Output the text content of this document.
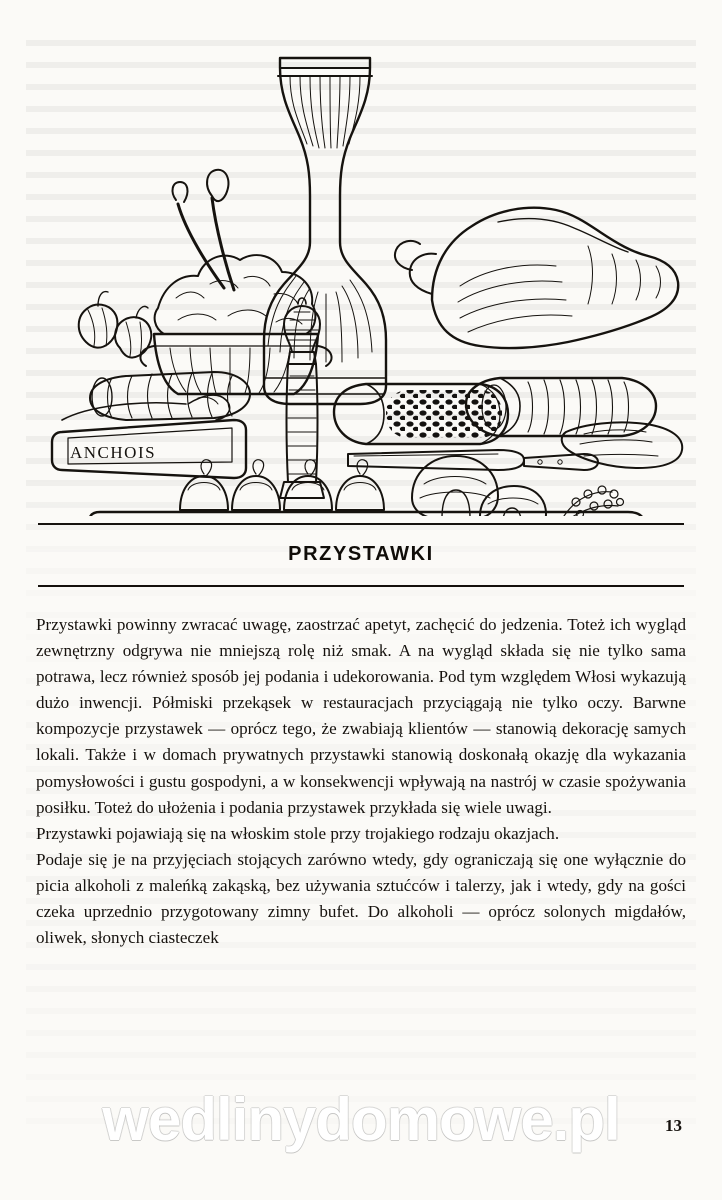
ANCHOIS
PRZYSTAWKI

Przystawki powinny zwracać uwagę, zaostrzać apetyt, zachęcić do jedzenia. Toteż ich wygląd zewnętrzny odgrywa nie mniejszą rolę niż smak. A na wygląd składa się nie tylko sama potrawa, lecz również sposób jej podania i udekorowania. Pod tym względem Włosi wykazują dużo inwencji. Półmiski przekąsek w restauracjach przyciągają nie tylko oczy. Barwne kompozycje przystawek — oprócz tego, że zwabiają klientów — stanowią dekorację samych lokali. Także i w domach prywatnych przystawki stanowią doskonałą okazję dla wykazania pomysłowości i gustu gospodyni, a w konsekwencji wpływają na nastrój w czasie spożywania posiłku. Toteż do ułożenia i podania przystawek przykłada się wiele uwagi.

Przystawki pojawiają się na włoskim stole przy trojakiego rodzaju okazjach.

Podaje się je na przyjęciach stojących zarówno wtedy, gdy ograniczają się one wyłącznie do picia alkoholi z maleńką zakąską, bez używania sztućców i talerzy, jak i wtedy, gdy na gości czeka uprzednio przygotowany zimny bufet. Do alkoholi — oprócz solonych migdałów, oliwek, słonych ciasteczek

13
wedlinydomowe.pl
